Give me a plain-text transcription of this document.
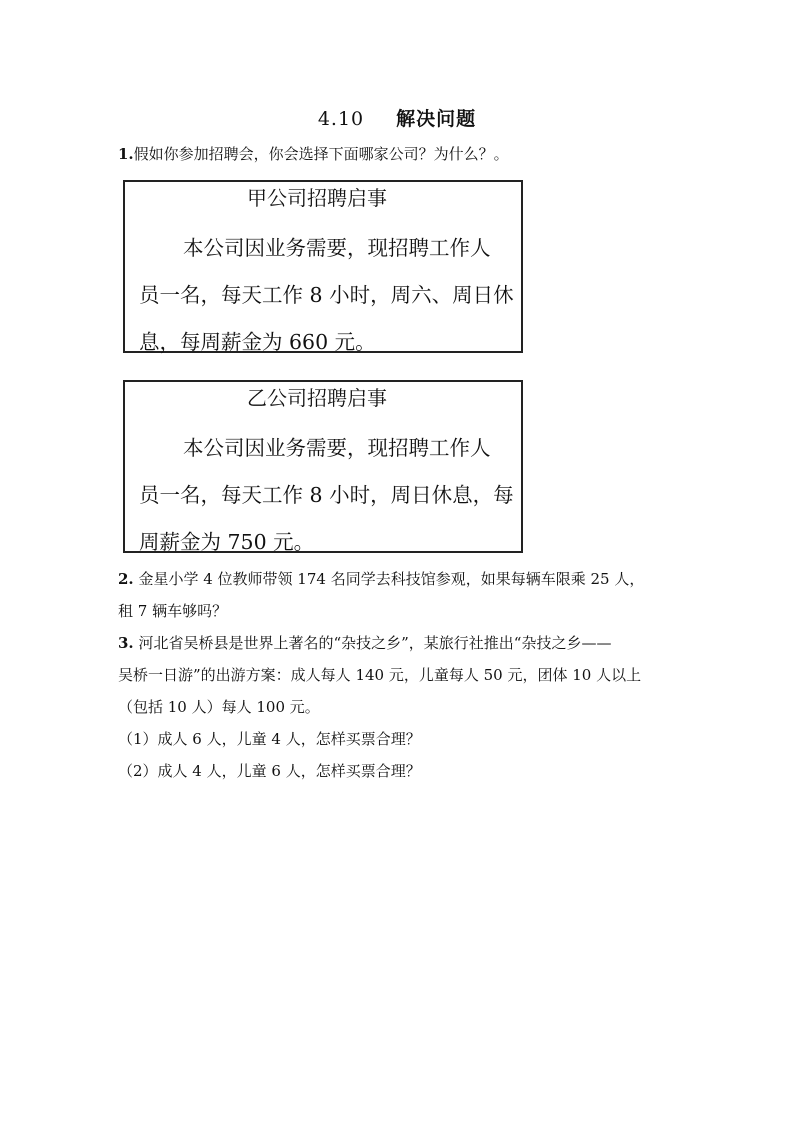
4.10 解决问题
1.假如你参加招聘会，你会选择下面哪家公司？为什么？。
甲公司招聘启事
本公司因业务需要，现招聘工作人
员一名，每天工作 8 小时，周六、周日休
息，每周薪金为 660 元。
乙公司招聘启事
本公司因业务需要，现招聘工作人
员一名，每天工作 8 小时，周日休息，每
周薪金为 750 元。
2. 金星小学 4 位教师带领 174 名同学去科技馆参观，如果每辆车限乘 25 人，
租 7 辆车够吗？
3. 河北省吴桥县是世界上著名的“杂技之乡”，某旅行社推出“杂技之乡——
吴桥一日游”的出游方案：成人每人 140 元，儿童每人 50 元，团体 10 人以上
（包括 10 人）每人 100 元。
（1）成人 6 人，儿童 4 人，怎样买票合理？
（2）成人 4 人，儿童 6 人，怎样买票合理？
